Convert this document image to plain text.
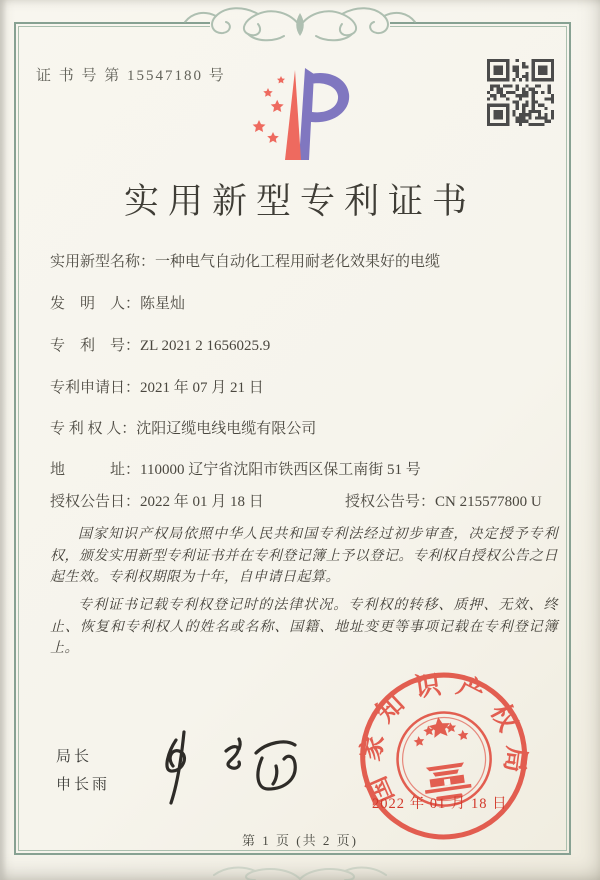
证 书 号 第 15547180 号
实用新型专利证书
实用新型名称：一种电气自动化工程用耐老化效果好的电缆
发　明　人：陈星灿
专　利　号：ZL 2021 2 1656025.9
专利申请日：2021 年 07 月 21 日
专 利 权 人：沈阳辽缆电线电缆有限公司
地　　　址：110000 辽宁省沈阳市铁西区保工南街 51 号
授权公告日：2022 年 01 月 18 日	授权公告号：CN 215577800 U

国家知识产权局依照中华人民共和国专利法经过初步审查，决定授予专利权，颁发实用新型专利证书并在专利登记簿上予以登记。专利权自授权公告之日起生效。专利权期限为十年，自申请日起算。

专利证书记载专利权登记时的法律状况。专利权的转移、质押、无效、终止、恢复和专利权人的姓名或名称、国籍、地址变更等事项记载在专利登记簿上。

局长
申长雨	国家知识产权局
2022 年 01 月 18 日
第 1 页 (共 2 页)
